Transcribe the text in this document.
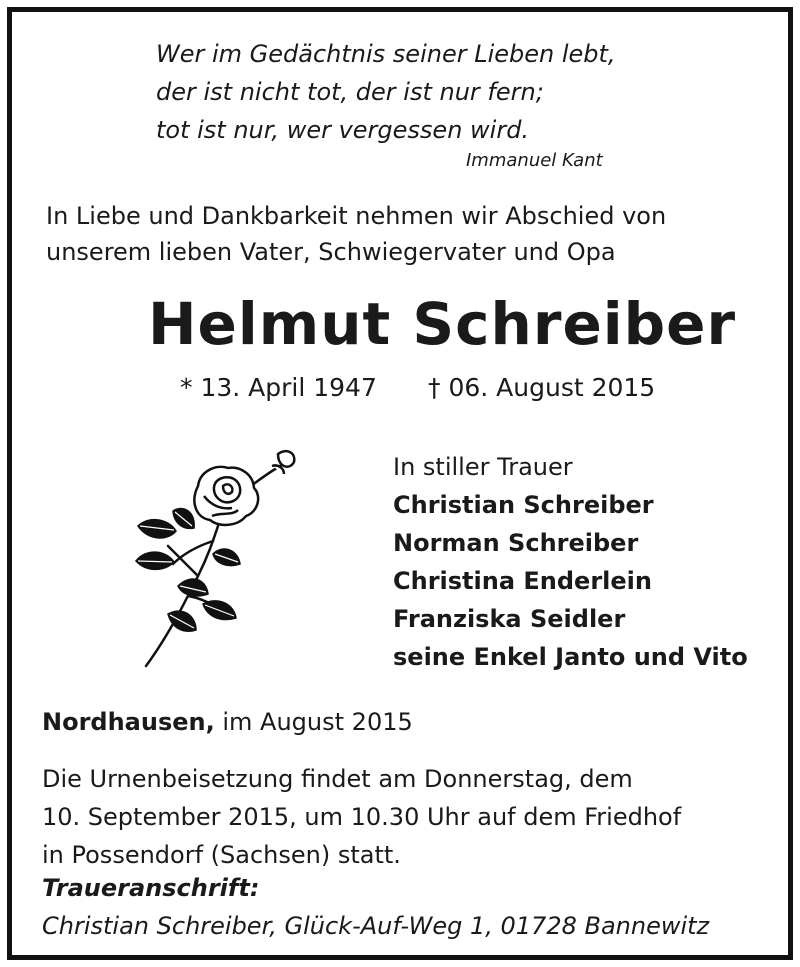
Wer im Gedächtnis seiner Lieben lebt,
der ist nicht tot, der ist nur fern;
tot ist nur, wer vergessen wird.
Immanuel Kant
In Liebe und Dankbarkeit nehmen wir Abschied von
unserem lieben Vater, Schwiegervater und Opa
Helmut Schreiber
* 13. April 1947 † 06. August 2015
In stiller Trauer
Christian Schreiber
Norman Schreiber
Christina Enderlein
Franziska Seidler
seine Enkel Janto und Vito
Nordhausen, im August 2015
Die Urnenbeisetzung findet am Donnerstag, dem
10. September 2015, um 10.30 Uhr auf dem Friedhof
in Possendorf (Sachsen) statt.
Traueranschrift:
Christian Schreiber, Glück-Auf-Weg 1, 01728 Bannewitz
